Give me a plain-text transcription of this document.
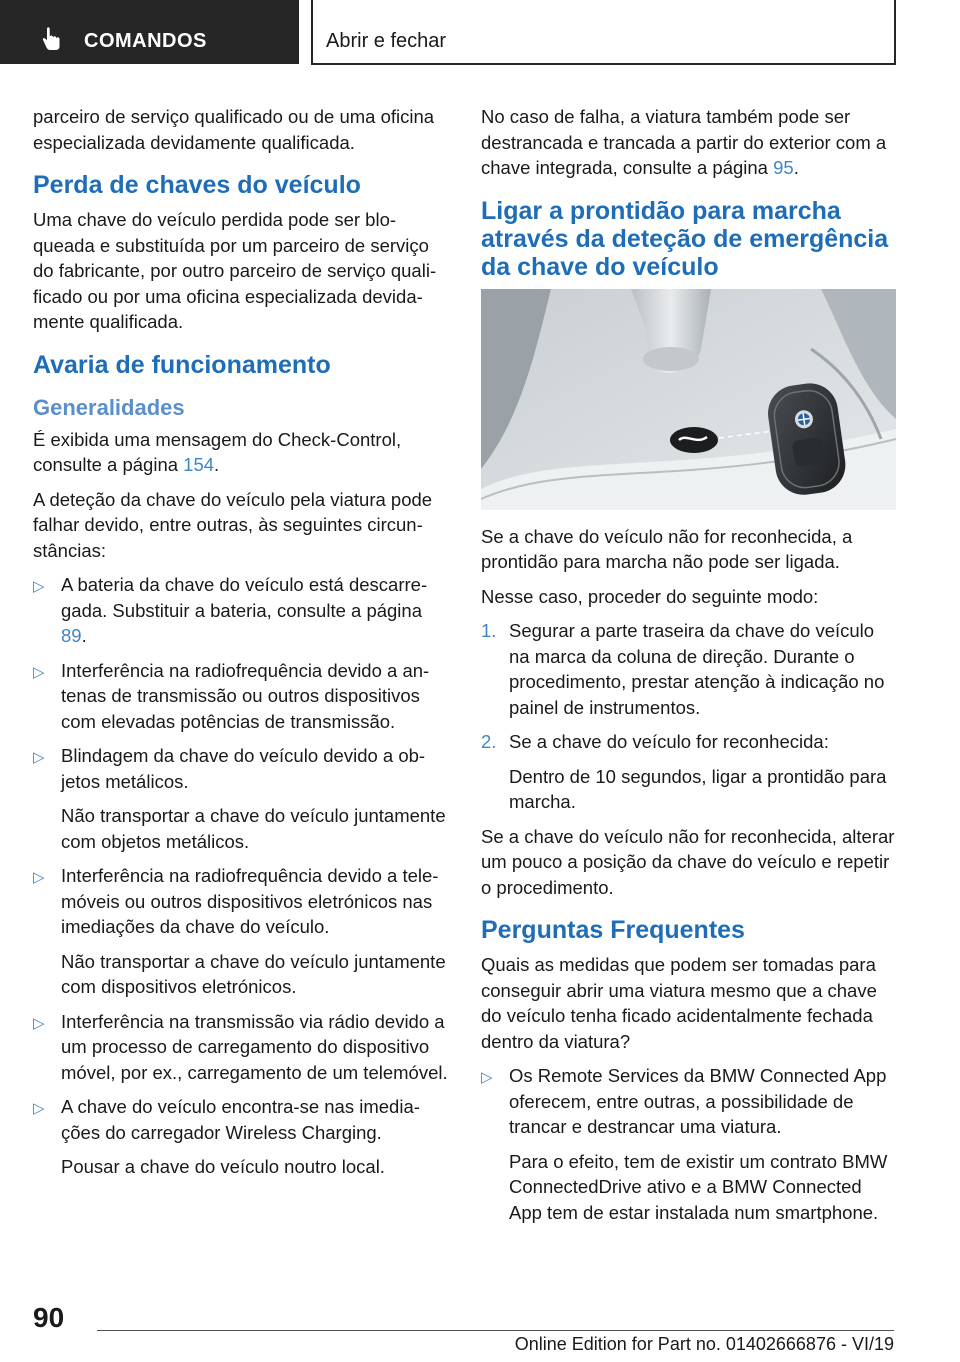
COMANDOS	Abrir e fechar

parceiro de serviço qualificado ou de uma oficina especializada devidamente qualificada.

Perda de chaves do veículo

Uma chave do veículo perdida pode ser bloqueada e substituída por um parceiro de serviço do fabricante, por outro parceiro de serviço qualificado ou por uma oficina especializada devidamente qualificada.

Avaria de funcionamento
Generalidades

É exibida uma mensagem do Check-Control, consulte a página 154.

A deteção da chave do veículo pela viatura pode falhar devido, entre outras, às seguintes circunstâncias:

▷ A bateria da chave do veículo está descarregada. Substituir a bateria, consulte a página 89.
▷ Interferência na radiofrequência devido a antenas de transmissão ou outros dispositivos com elevadas potências de transmissão.
▷ Blindagem da chave do veículo devido a objetos metálicos.
Não transportar a chave do veículo juntamente com objetos metálicos.
▷ Interferência na radiofrequência devido a telemóveis ou outros dispositivos eletrónicos nas imediações da chave do veículo.
Não transportar a chave do veículo juntamente com dispositivos eletrónicos.
▷ Interferência na transmissão via rádio devido a um processo de carregamento do dispositivo móvel, por ex., carregamento de um telemóvel.
▷ A chave do veículo encontra-se nas imediações do carregador Wireless Charging.
Pousar a chave do veículo noutro local.

No caso de falha, a viatura também pode ser destrancada e trancada a partir do exterior com a chave integrada, consulte a página 95.

Ligar a prontidão para marcha através da deteção de emergência da chave do veículo

Se a chave do veículo não for reconhecida, a prontidão para marcha não pode ser ligada.

Nesse caso, proceder do seguinte modo:

1. Segurar a parte traseira da chave do veículo na marca da coluna de direção. Durante o procedimento, prestar atenção à indicação no painel de instrumentos.
2. Se a chave do veículo for reconhecida:
Dentro de 10 segundos, ligar a prontidão para marcha.

Se a chave do veículo não for reconhecida, alterar um pouco a posição da chave do veículo e repetir o procedimento.

Perguntas Frequentes

Quais as medidas que podem ser tomadas para conseguir abrir uma viatura mesmo que a chave do veículo tenha ficado acidentalmente fechada dentro da viatura?

▷ Os Remote Services da BMW Connected App oferecem, entre outras, a possibilidade de trancar e destrancar uma viatura.
Para o efeito, tem de existir um contrato BMW ConnectedDrive ativo e a BMW Connected App tem de estar instalada num smartphone.
90
Online Edition for Part no. 01402666876 - VI/19
